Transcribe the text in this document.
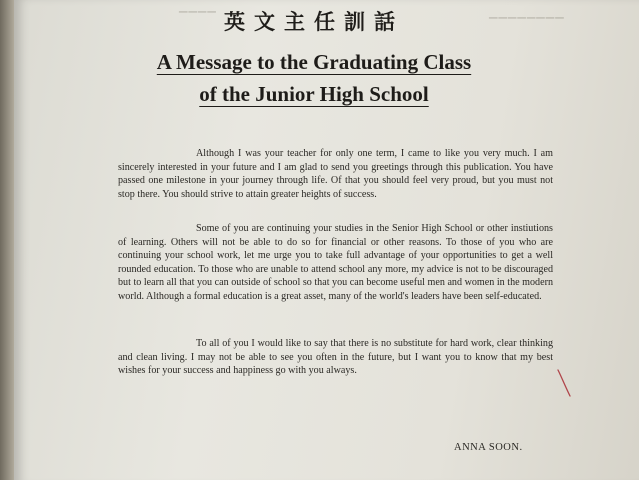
▁▁▁▁	▁▁▁▁▁▁▁▁
英文主任訓話
A Message to the Graduating Class
of the Junior High School

Although I was your teacher for only one term, I came to like you very much. I am sincerely interested in your future and I am glad to send you greetings through this publication. You have passed one milestone in your journey through life. Of that you should feel very proud, but you must not stop there. You should strive to attain greater heights of success.

Some of you are continuing your studies in the Senior High School or other instiutions of learning. Others will not be able to do so for financial or other reasons. To those of you who are continuing your school work, let me urge you to take full advantage of your opportunities to get a well rounded education. To those who are unable to attend school any more, my advice is not to be discouraged but to learn all that you can outside of school so that you can become useful men and women in the modern world. Although a formal education is a great asset, many of the world's leaders have been self-educated.

To all of you I would like to say that there is no substitute for hard work, clear thinking and clean living. I may not be able to see you often in the future, but I want you to know that my best wishes for your success and happiness go with you always.

ANNA SOON.
